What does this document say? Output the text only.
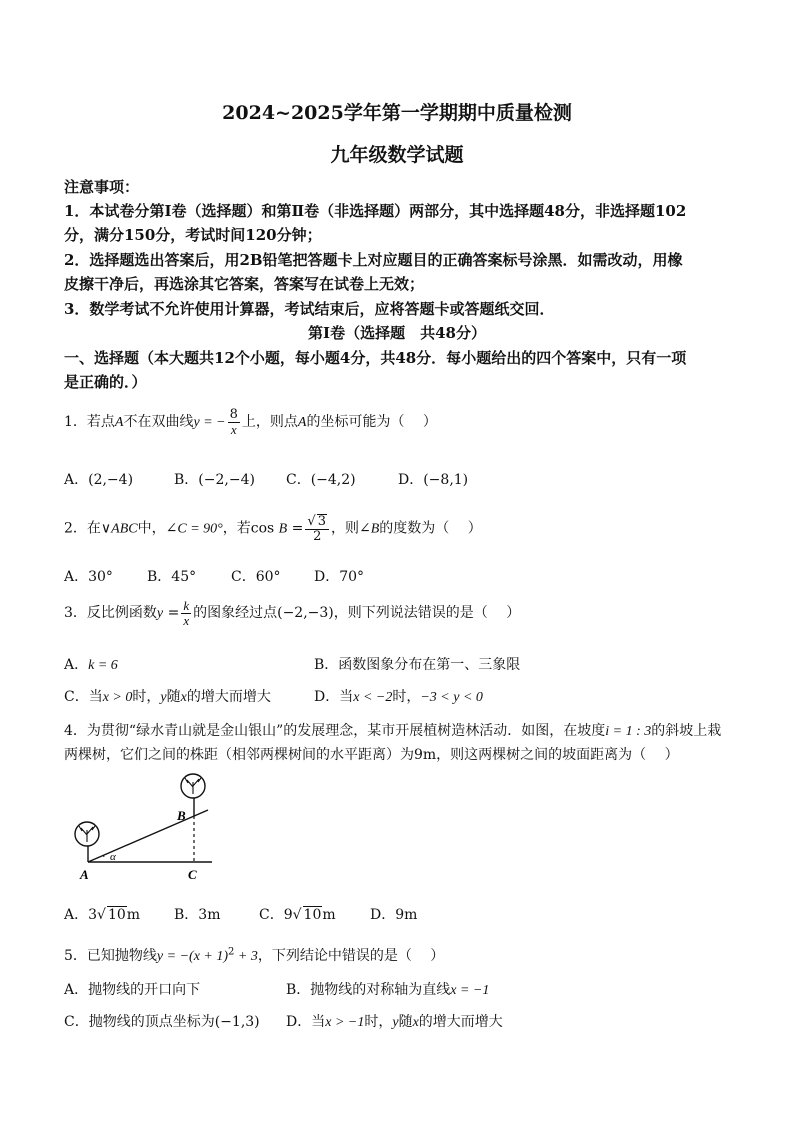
2024~2025学年第一学期期中质量检测
九年级数学试题
注意事项：
1．本试卷分第Ⅰ卷（选择题）和第Ⅱ卷（非选择题）两部分，其中选择题48分，非选择题102
分，满分150分，考试时间120分钟；
2．选择题选出答案后，用2B铅笔把答题卡上对应题目的正确答案标号涂黑．如需改动，用橡
皮擦干净后，再选涂其它答案，答案写在试卷上无效；
3．数学考试不允许使用计算器，考试结束后，应将答题卡或答题纸交回．
第Ⅰ卷（选择题　共48分）
一、选择题（本大题共12个小题，每小题4分，共48分．每小题给出的四个答案中，只有一项
是正确的．）
1．若点A不在双曲线y = − $\frac{8}{x}$ 上，则点A的坐标可能为（　 ）
A．(2,−4)	B．(−2,−4) C．(−4,2)	D．(−8,1)
2．在∨ABC中，∠C = 90°，若$\cos B = \frac{√ 3}{2}$ ，则∠B的度数为（　 ）
A．30° B．45° C．60° D．70°
3．反比例函数$y = \frac{k}{x}$ 的图象经过点(−2,−3)，则下列说法错误的是（　 ）
A．k = 6	B．函数图象分布在第一、三象限
C．当x > 0时，y随x的增大而增大	D．当x < −2时，−3 < y < 0
4．为贯彻“绿水青山就是金山银山”的发展理念，某市开展植树造林活动．如图，在坡度i = 1 : 3的斜坡上栽
两棵树，它们之间的株距（相邻两棵树间的水平距离）为9m，则这两棵树之间的坡面距离为（　 ）
A
B
C
α
A．3√ 10m B．3m	C．9√ 10m D．9m
5．已知抛物线$y = -(x + 1)^2 + 3$，下列结论中错误的是（　 ）
A．抛物线的开口向下	B．抛物线的对称轴为直线x = −1
C．抛物线的顶点坐标为(−1,3) D．当x > −1时，y随x的增大而增大
